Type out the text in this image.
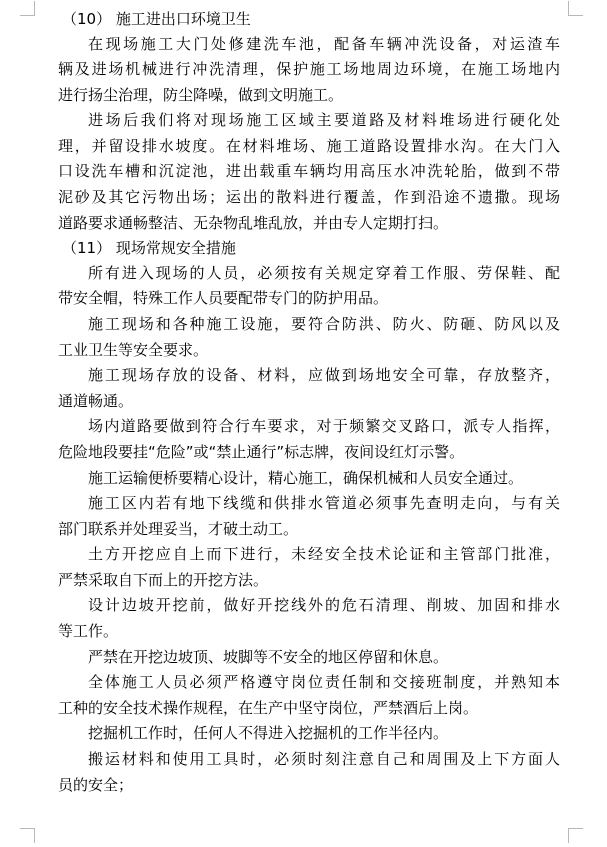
（10） 施工进出口环境卫生
在现场施工大门处修建洗车池，配备车辆冲洗设备，对运渣车
辆及进场机械进行冲洗清理，保护施工场地周边环境，在施工场地内
进行扬尘治理，防尘降噪，做到文明施工。
进场后我们将对现场施工区域主要道路及材料堆场进行硬化处
理，并留设排水坡度。在材料堆场、施工道路设置排水沟。在大门入
口设洗车槽和沉淀池，进出载重车辆均用高压水冲洗轮胎，做到不带
泥砂及其它污物出场；运出的散料进行覆盖，作到沿途不遗撒。现场
道路要求通畅整洁、无杂物乱堆乱放，并由专人定期打扫。
（11） 现场常规安全措施
所有进入现场的人员，必须按有关规定穿着工作服、劳保鞋、配
带安全帽，特殊工作人员要配带专门的防护用品。
施工现场和各种施工设施，要符合防洪、防火、防砸、防风以及
工业卫生等安全要求。
施工现场存放的设备、材料，应做到场地安全可靠，存放整齐，
通道畅通。
场内道路要做到符合行车要求，对于频繁交叉路口，派专人指挥，
危险地段要挂“危险”或“禁止通行”标志牌，夜间设红灯示警。
施工运输便桥要精心设计，精心施工，确保机械和人员安全通过。
施工区内若有地下线缆和供排水管道必须事先查明走向，与有关
部门联系并处理妥当，才破土动工。
土方开挖应自上而下进行，未经安全技术论证和主管部门批准，
严禁采取自下而上的开挖方法。
设计边坡开挖前，做好开挖线外的危石清理、削坡、加固和排水
等工作。
严禁在开挖边坡顶、坡脚等不安全的地区停留和休息。
全体施工人员必须严格遵守岗位责任制和交接班制度，并熟知本
工种的安全技术操作规程，在生产中坚守岗位，严禁酒后上岗。
挖掘机工作时，任何人不得进入挖掘机的工作半径内。
搬运材料和使用工具时，必须时刻注意自己和周围及上下方面人
员的安全；
